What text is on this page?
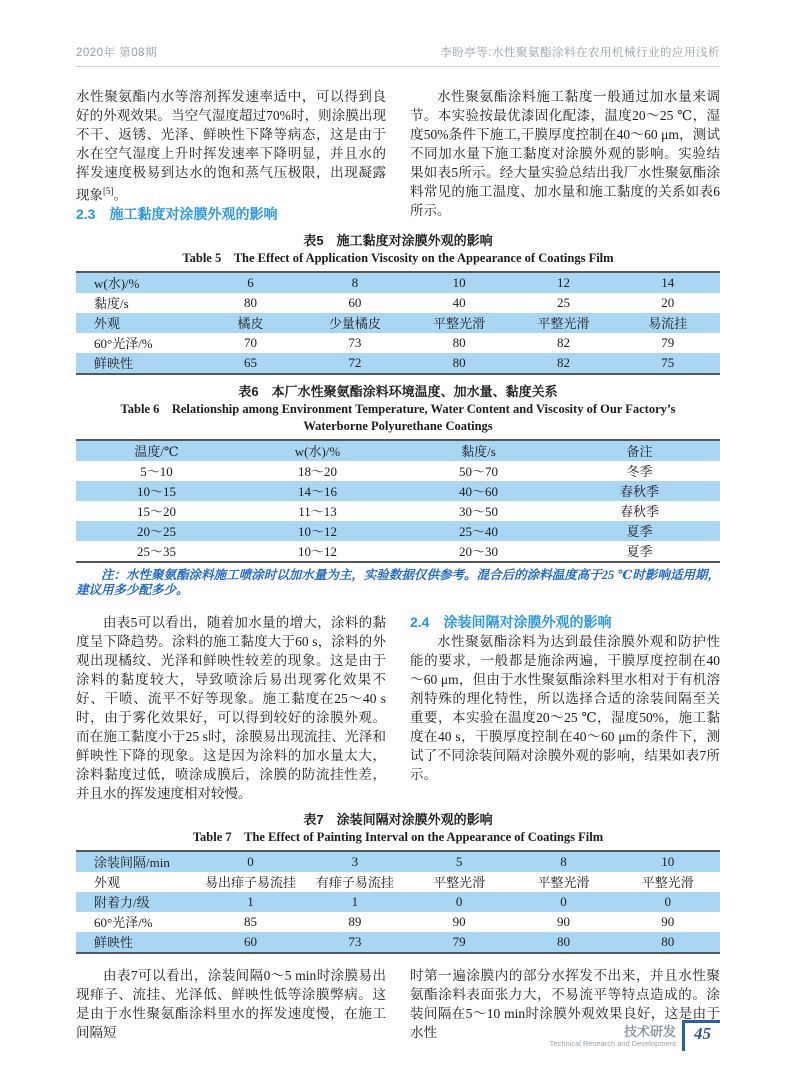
2020年 第08期	李盼亭等:水性聚氨酯涂料在农用机械行业的应用浅析

水性聚氨酯内水等溶剂挥发速率适中，可以得到良好的外观效果。当空气湿度超过70%时，则涂膜出现不干、返锈、光泽、鲜映性下降等病态，这是由于水在空气湿度上升时挥发速率下降明显，并且水的挥发速度极易到达水的饱和蒸气压极限，出现凝露现象[5]。

2.3 施工黏度对涂膜外观的影响

水性聚氨酯涂料施工黏度一般通过加水量来调节。本实验按最优漆固化配漆，温度20～25 ℃，湿度50%条件下施工,干膜厚度控制在40～60 μm，测试不同加水量下施工黏度对涂膜外观的影响。实验结果如表5所示。经大量实验总结出我厂水性聚氨酯涂料常见的施工温度、加水量和施工黏度的关系如表6所示。

表5　施工黏度对涂膜外观的影响
Table 5　The Effect of Application Viscosity on the Appearance of Coatings Film
w(水)/%	6	8	10	12	14
黏度/s	80	60	40	25	20
外观	橘皮	少量橘皮	平整光滑	平整光滑	易流挂
60°光泽/%	70	73	80	82	79
鲜映性	65	72	80	82	75
表6　本厂水性聚氨酯涂料环境温度、加水量、黏度关系
Table 6　Relationship among Environment Temperature, Water Content and Viscosity of Our Factory’s Waterborne Polyurethane Coatings
温度/℃	w(水)/%	黏度/s	备注
5～10	18～20	50～70	冬季
10～15	14～16	40～60	春秋季
15～20	11～13	30～50	春秋季
20～25	10～12	25～40	夏季
25～35	10～12	20～30	夏季
注：水性聚氨酯涂料施工喷涂时以加水量为主，实验数据仅供参考。混合后的涂料温度高于25 ℃时影响适用期，建议用多少配多少。

由表5可以看出，随着加水量的增大，涂料的黏度呈下降趋势。涂料的施工黏度大于60 s，涂料的外观出现橘纹、光泽和鲜映性较差的现象。这是由于涂料的黏度较大，导致喷涂后易出现雾化效果不好、干喷、流平不好等现象。施工黏度在25～40 s时，由于雾化效果好，可以得到较好的涂膜外观。而在施工黏度小于25 s时，涂膜易出现流挂、光泽和鲜映性下降的现象。这是因为涂料的加水量太大，涂料黏度过低，喷涂成膜后，涂膜的防流挂性差，并且水的挥发速度相对较慢。

2.4 涂装间隔对涂膜外观的影响

水性聚氨酯涂料为达到最佳涂膜外观和防护性能的要求，一般都是施涂两遍，干膜厚度控制在40～60 μm，但由于水性聚氨酯涂料里水相对于有机溶剂特殊的理化特性，所以选择合适的涂装间隔至关重要，本实验在温度20～25 ℃，湿度50%，施工黏度在40 s，干膜厚度控制在40～60 μm的条件下，测试了不同涂装间隔对涂膜外观的影响，结果如表7所示。

表7　涂装间隔对涂膜外观的影响
Table 7　The Effect of Painting Interval on the Appearance of Coatings Film
涂装间隔/min	0	3	5	8	10
外观	易出痱子易流挂	有痱子易流挂	平整光滑	平整光滑	平整光滑
附着力/级	1	1	0	0	0
60°光泽/%	85	89	90	90	90
鲜映性	60	73	79	80	80

由表7可以看出，涂装间隔0～5 min时涂膜易出现痱子、流挂、光泽低、鲜映性低等涂膜弊病。这是由于水性聚氨酯涂料里水的挥发速度慢，在施工间隔短

时第一遍涂膜内的部分水挥发不出来，并且水性聚氨酯涂料表面张力大，不易流平等特点造成的。涂装间隔在5～10 min时涂膜外观效果良好，这是由于水性	技术研发
Technical Research and Development
45
